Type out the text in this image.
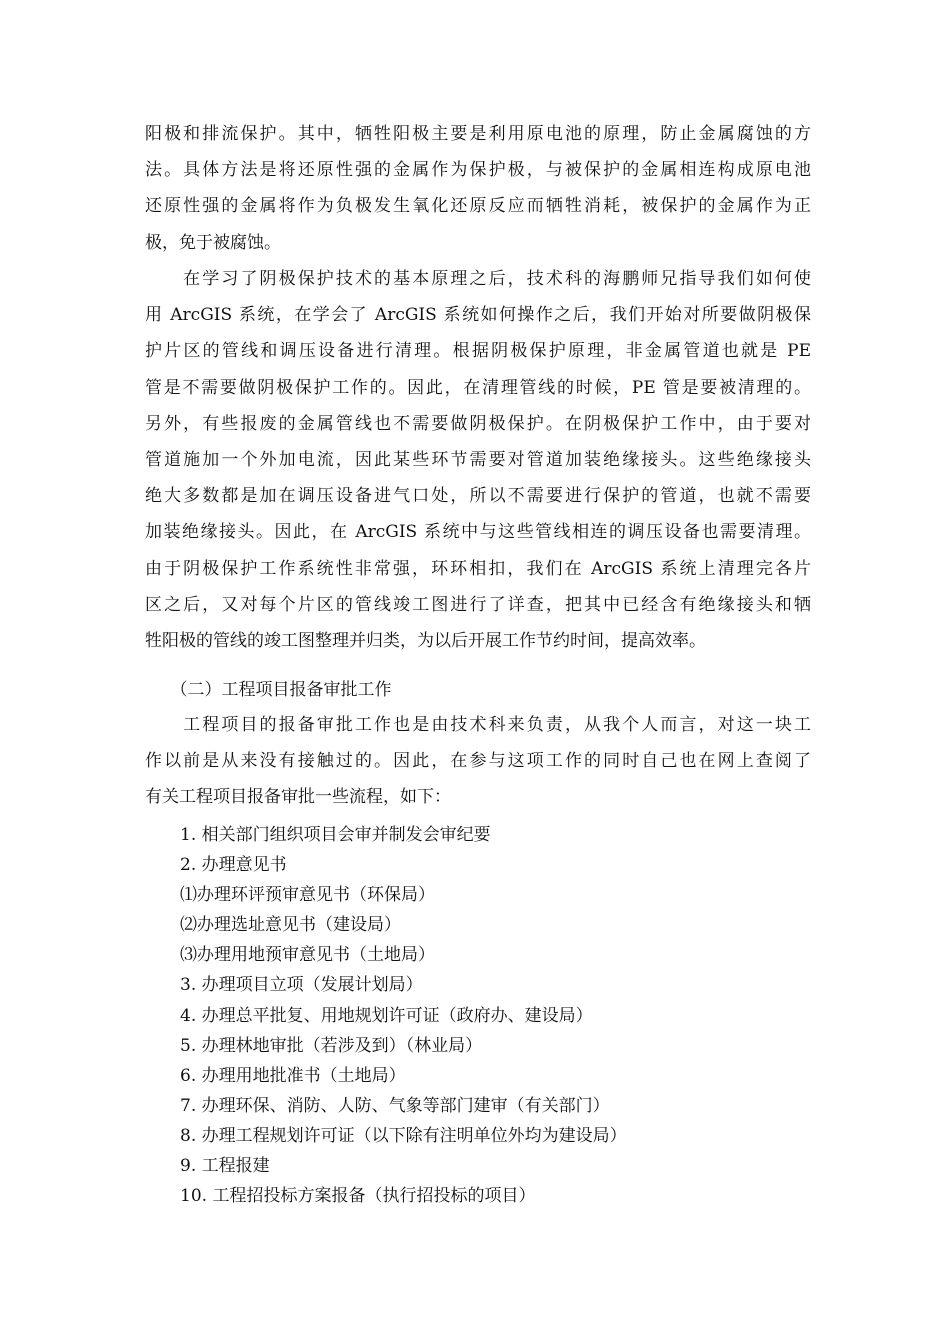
阳极和排流保护。其中，牺牲阳极主要是利用原电池的原理，防止金属腐蚀的方
法。具体方法是将还原性强的金属作为保护极，与被保护的金属相连构成原电池
还原性强的金属将作为负极发生氧化还原反应而牺牲消耗，被保护的金属作为正
极，免于被腐蚀。
　　在学习了阴极保护技术的基本原理之后，技术科的海鹏师兄指导我们如何使
用 ArcGIS 系统，在学会了 ArcGIS 系统如何操作之后，我们开始对所要做阴极保
护片区的管线和调压设备进行清理。根据阴极保护原理，非金属管道也就是 PE
管是不需要做阴极保护工作的。因此，在清理管线的时候，PE 管是要被清理的。
另外，有些报废的金属管线也不需要做阴极保护。在阴极保护工作中，由于要对
管道施加一个外加电流，因此某些环节需要对管道加装绝缘接头。这些绝缘接头
绝大多数都是加在调压设备进气口处，所以不需要进行保护的管道，也就不需要
加装绝缘接头。因此，在 ArcGIS 系统中与这些管线相连的调压设备也需要清理。
由于阴极保护工作系统性非常强，环环相扣，我们在 ArcGIS 系统上清理完各片
区之后，又对每个片区的管线竣工图进行了详查，把其中已经含有绝缘接头和牺
牲阳极的管线的竣工图整理并归类，为以后开展工作节约时间，提高效率。
　　（二）工程项目报备审批工作
　　工程项目的报备审批工作也是由技术科来负责，从我个人而言，对这一块工
作以前是从来没有接触过的。因此，在参与这项工作的同时自己也在网上查阅了
有关工程项目报备审批一些流程，如下：
1. 相关部门组织项目会审并制发会审纪要
2. 办理意见书
⑴办理环评预审意见书（环保局）
⑵办理选址意见书（建设局）
⑶办理用地预审意见书（土地局）
3. 办理项目立项（发展计划局）
4. 办理总平批复、用地规划许可证（政府办、建设局）
5. 办理林地审批（若涉及到）（林业局）
6. 办理用地批准书（土地局）
7. 办理环保、消防、人防、气象等部门建审（有关部门）
8. 办理工程规划许可证（以下除有注明单位外均为建设局）
9. 工程报建
10. 工程招投标方案报备（执行招投标的项目）
